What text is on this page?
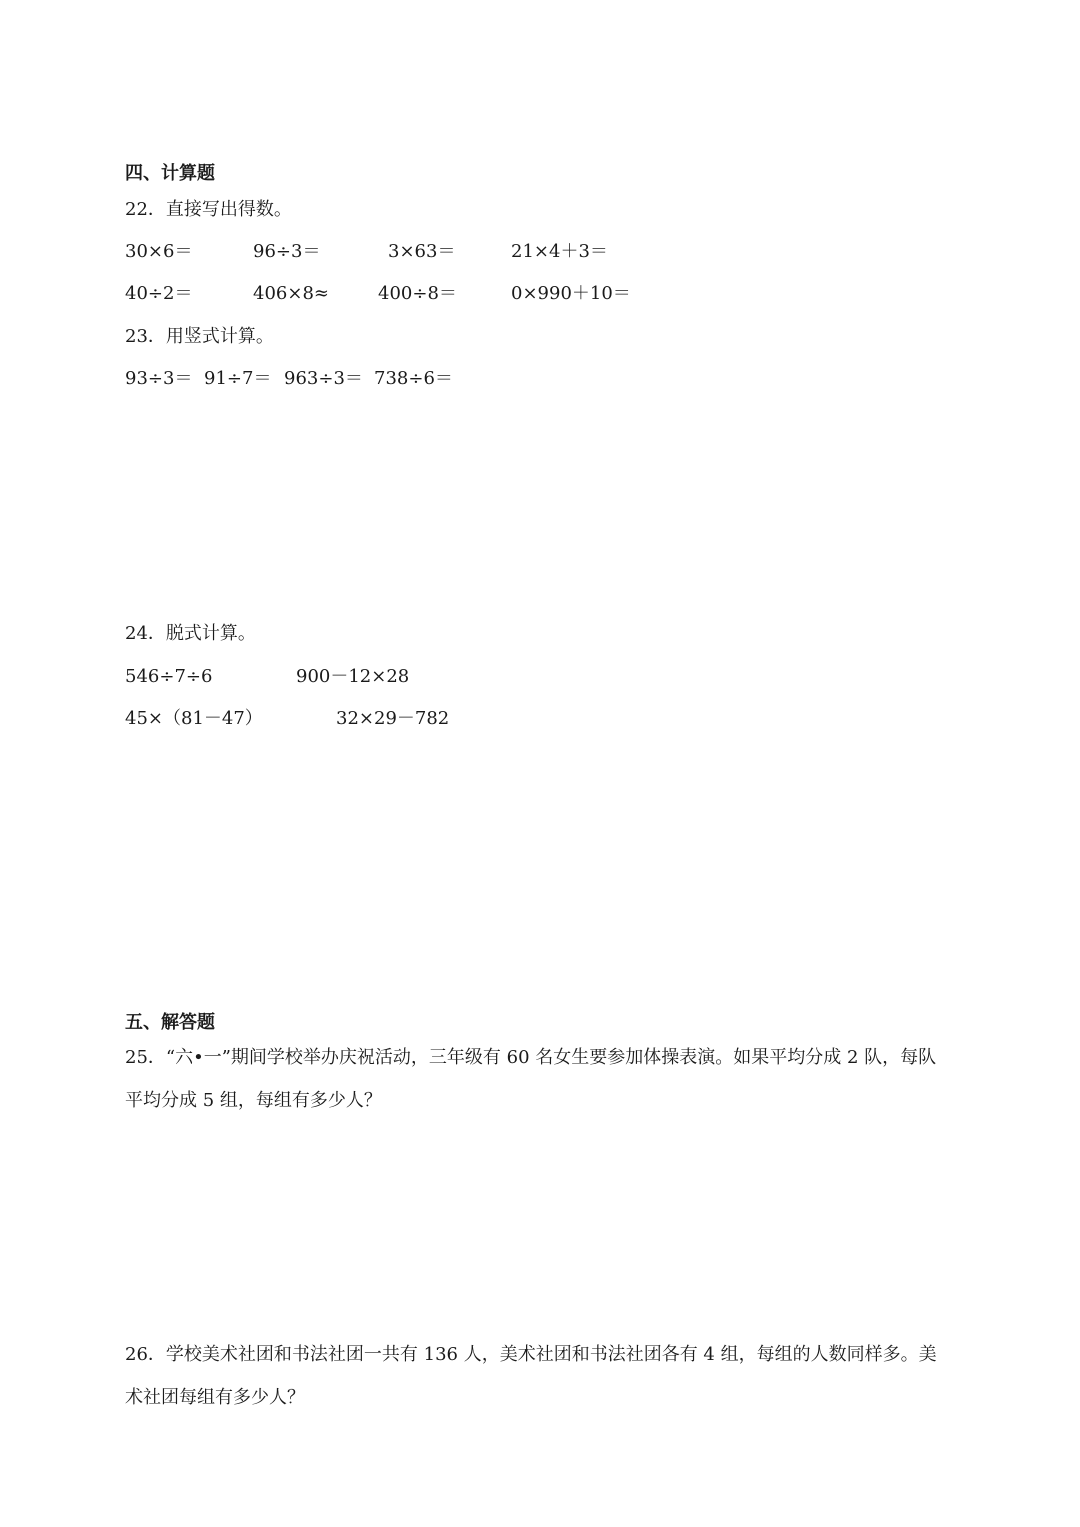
四、计算题
22．直接写出得数。
30×6＝	96÷3＝	3×63＝	21×4＋3＝
40÷2＝	406×8≈	400÷8＝	0×990＋10＝
23．用竖式计算。
93÷3＝ 91÷7＝ 963÷3＝ 738÷6＝
24．脱式计算。
546÷7÷6	900－12×28
45×（81－47）	32×29－782
五、解答题
25．“六•一”期间学校举办庆祝活动，三年级有 60 名女生要参加体操表演。如果平均分成 2 队，每队
平均分成 5 组，每组有多少人？
26．学校美术社团和书法社团一共有 136 人，美术社团和书法社团各有 4 组，每组的人数同样多。美
术社团每组有多少人？
